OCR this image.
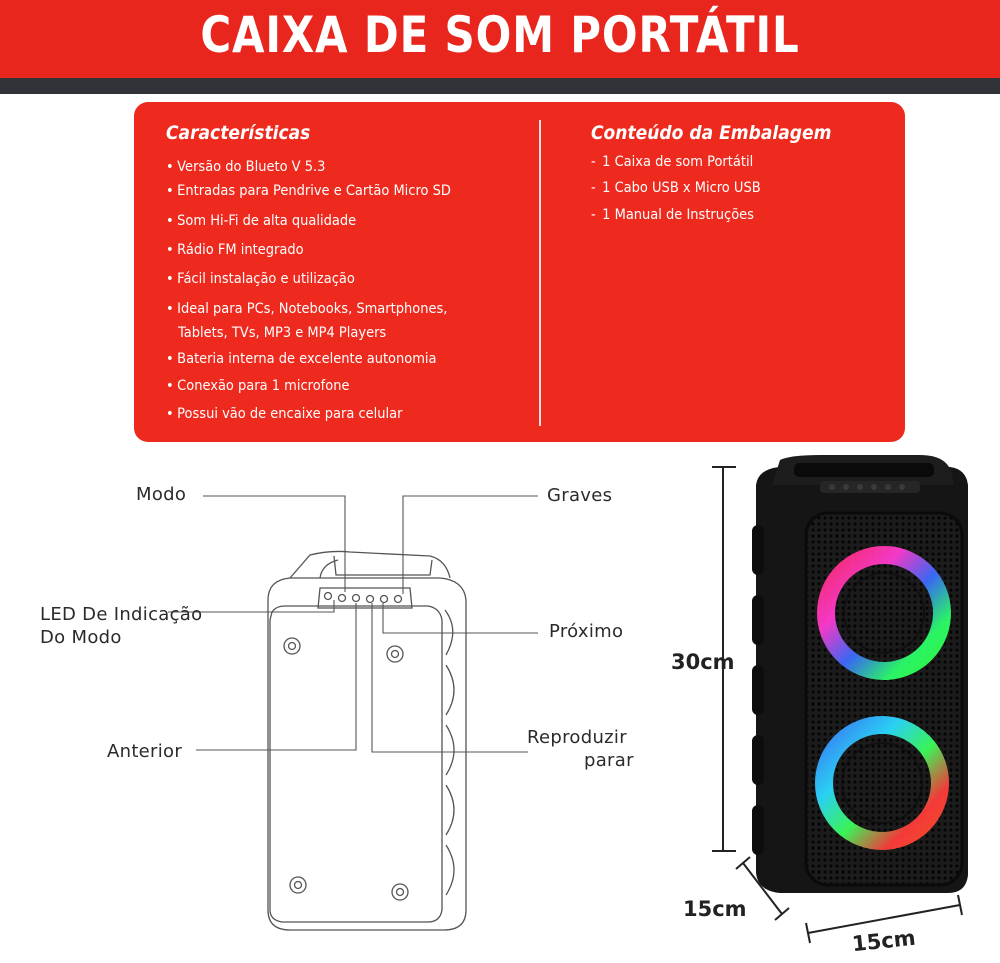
CAIXA DE SOM PORTÁTIL
Características
• Versão do Blueto V 5.3
• Entradas para Pendrive e Cartão Micro SD
• Som Hi-Fi de alta qualidade
• Rádio FM integrado
• Fácil instalação e utilização
• Ideal para PCs, Notebooks, Smartphones,
Tablets, TVs, MP3 e MP4 Players
• Bateria interna de excelente autonomia
• Conexão para 1 microfone
• Possui vão de encaixe para celular
Conteúdo da Embalagem
- 1 Caixa de som Portátil
- 1 Cabo USB x Micro USB
- 1 Manual de Instruções
Modo	Graves
LED De Indicação
Do Modo	Próximo
Anterior
Reproduzir
parar
30cm
15cm
15cm
